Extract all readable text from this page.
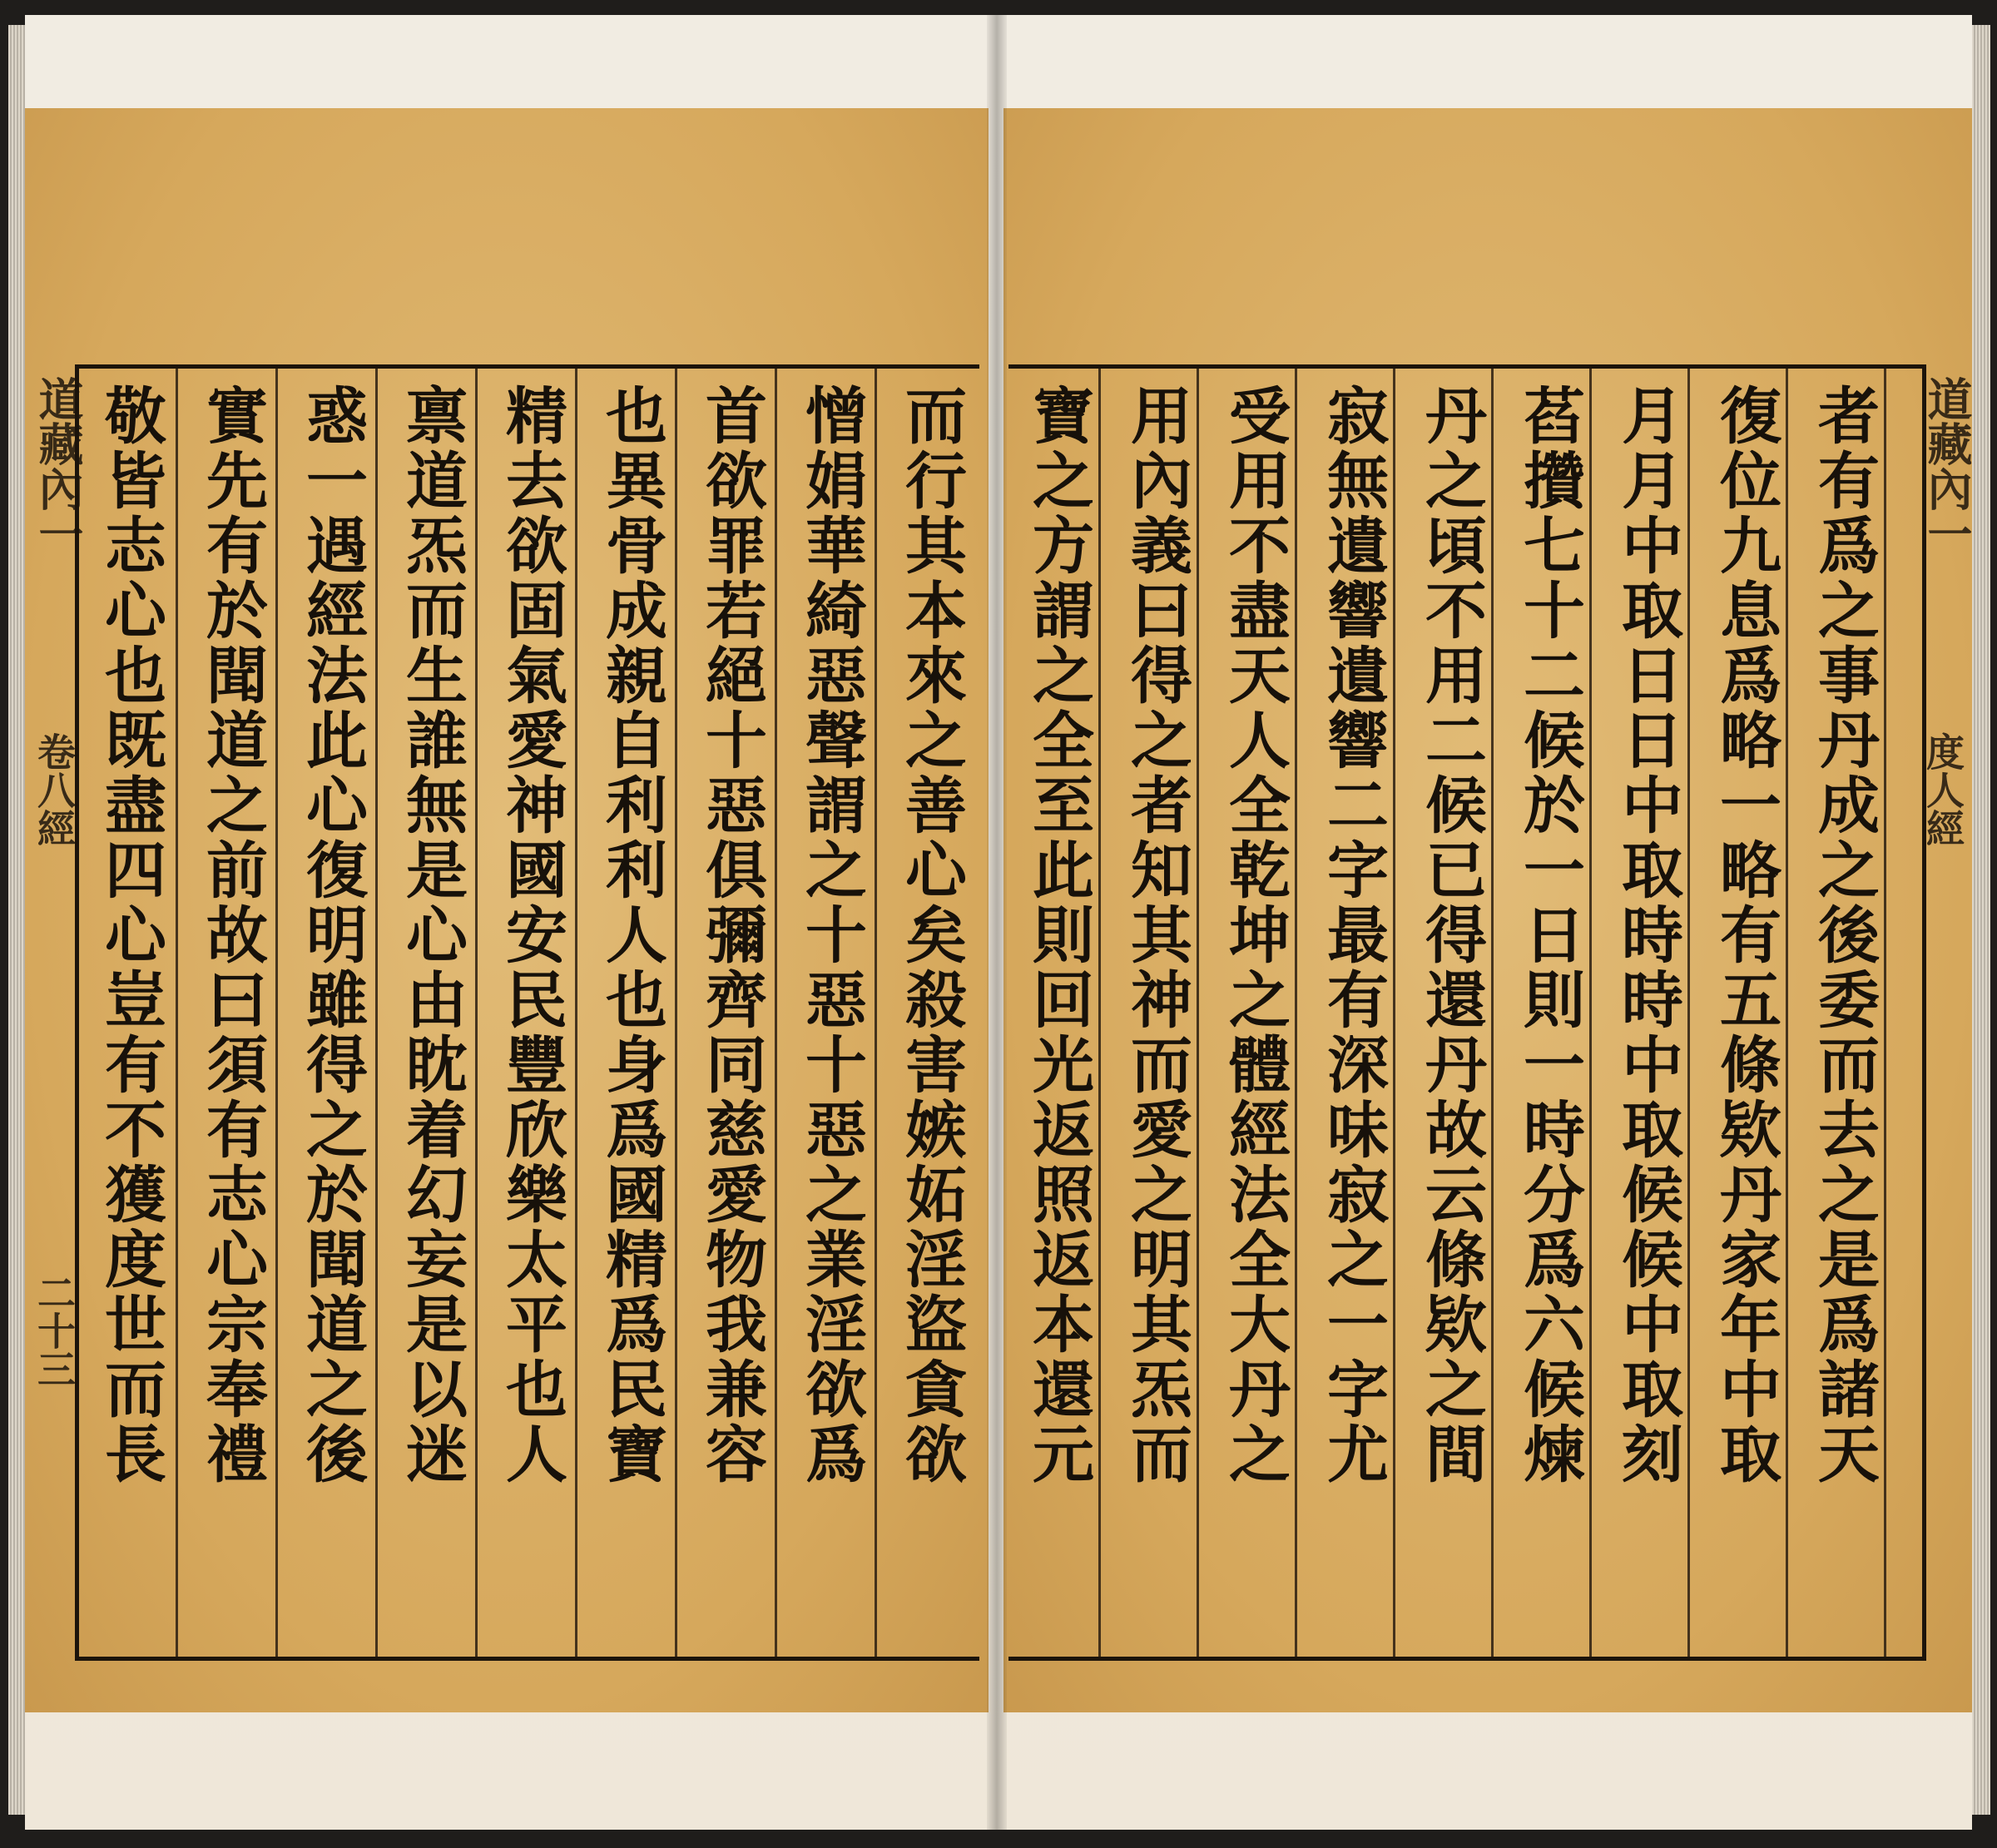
而行其本來之善心矣殺害嫉妬淫盜貪欲
憎娟華綺惡聲謂之十惡十惡之業淫欲爲
首欲罪若絕十惡俱彌齊同慈愛物我兼容
也異骨成親自利利人也身爲國精爲民寶
精去欲固氣愛神國安民豐欣樂太平也人
禀道炁而生誰無是心由眈着幻妄是以迷
惑一遇經法此心復明雖得之於聞道之後
實先有於聞道之前故曰須有志心宗奉禮
敬皆志心也既盡四心豈有不獲度世而長
道藏內一
卷八經
二十三	者有爲之事丹成之後委而去之是爲諸天
復位九息爲略一略有五條欵丹家年中取
月月中取日日中取時時中取候候中取刻
萏攢七十二候於一日則一時分爲六候煉
丹之頃不用二候已得還丹故云條欵之間
寂無遺響遺響二字最有深味寂之一字尤
受用不盡天人全乾坤之體經法全大丹之
用內義曰得之者知其神而愛之明其炁而
寶之方謂之全至此則回光返照返本還元	道藏內一
度人經
